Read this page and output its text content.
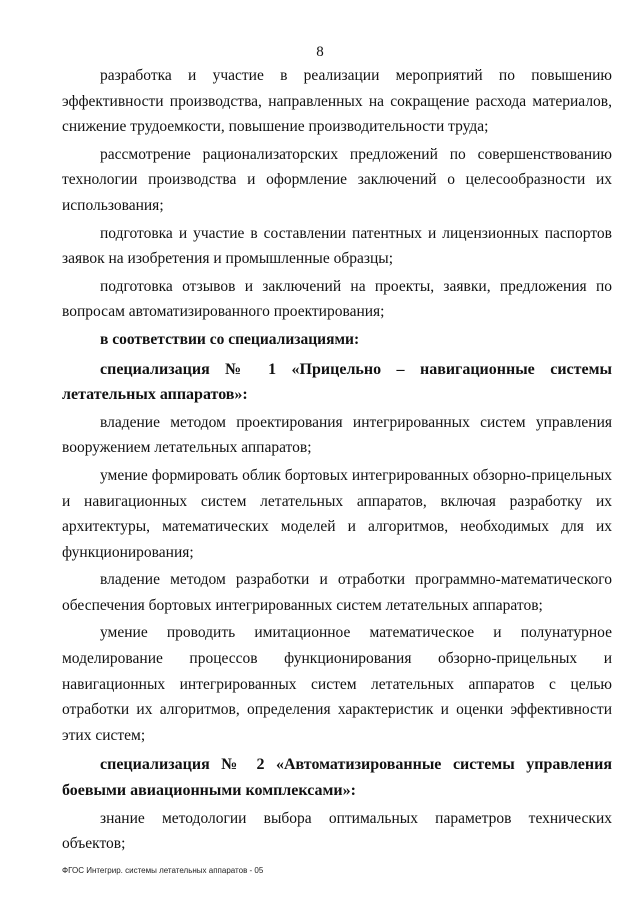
8

разработка и участие в реализации мероприятий по повышению эффективности производства, направленных на сокращение расхода материалов, снижение трудоемкости, повышение производительности труда;

рассмотрение рационализаторских предложений по совершенствованию технологии производства и оформление заключений о целесообразности их использования;

подготовка и участие в составлении патентных и лицензионных паспортов заявок на изобретения и промышленные образцы;

подготовка отзывов и заключений на проекты, заявки, предложения по вопросам автоматизированного проектирования;

в соответствии со специализациями:

специализация № 1 «Прицельно – навигационные системы летательных аппаратов»:

владение методом проектирования интегрированных систем управления вооружением летательных аппаратов;

умение формировать облик бортовых интегрированных обзорно-прицельных и навигационных систем летательных аппаратов, включая разработку их архитектуры, математических моделей и алгоритмов, необходимых для их функционирования;

владение методом разработки и отработки программно-математического обеспечения бортовых интегрированных систем летательных аппаратов;

умение проводить имитационное математическое и полунатурное моделирование процессов функционирования обзорно-прицельных и навигационных интегрированных систем летательных аппаратов с целью отработки их алгоритмов, определения характеристик и оценки эффективности этих систем;

специализация № 2 «Автоматизированные системы управления боевыми авиационными комплексами»:

знание методологии выбора оптимальных параметров технических объектов;

ФГОС Интегрир. системы летательных аппаратов - 05
